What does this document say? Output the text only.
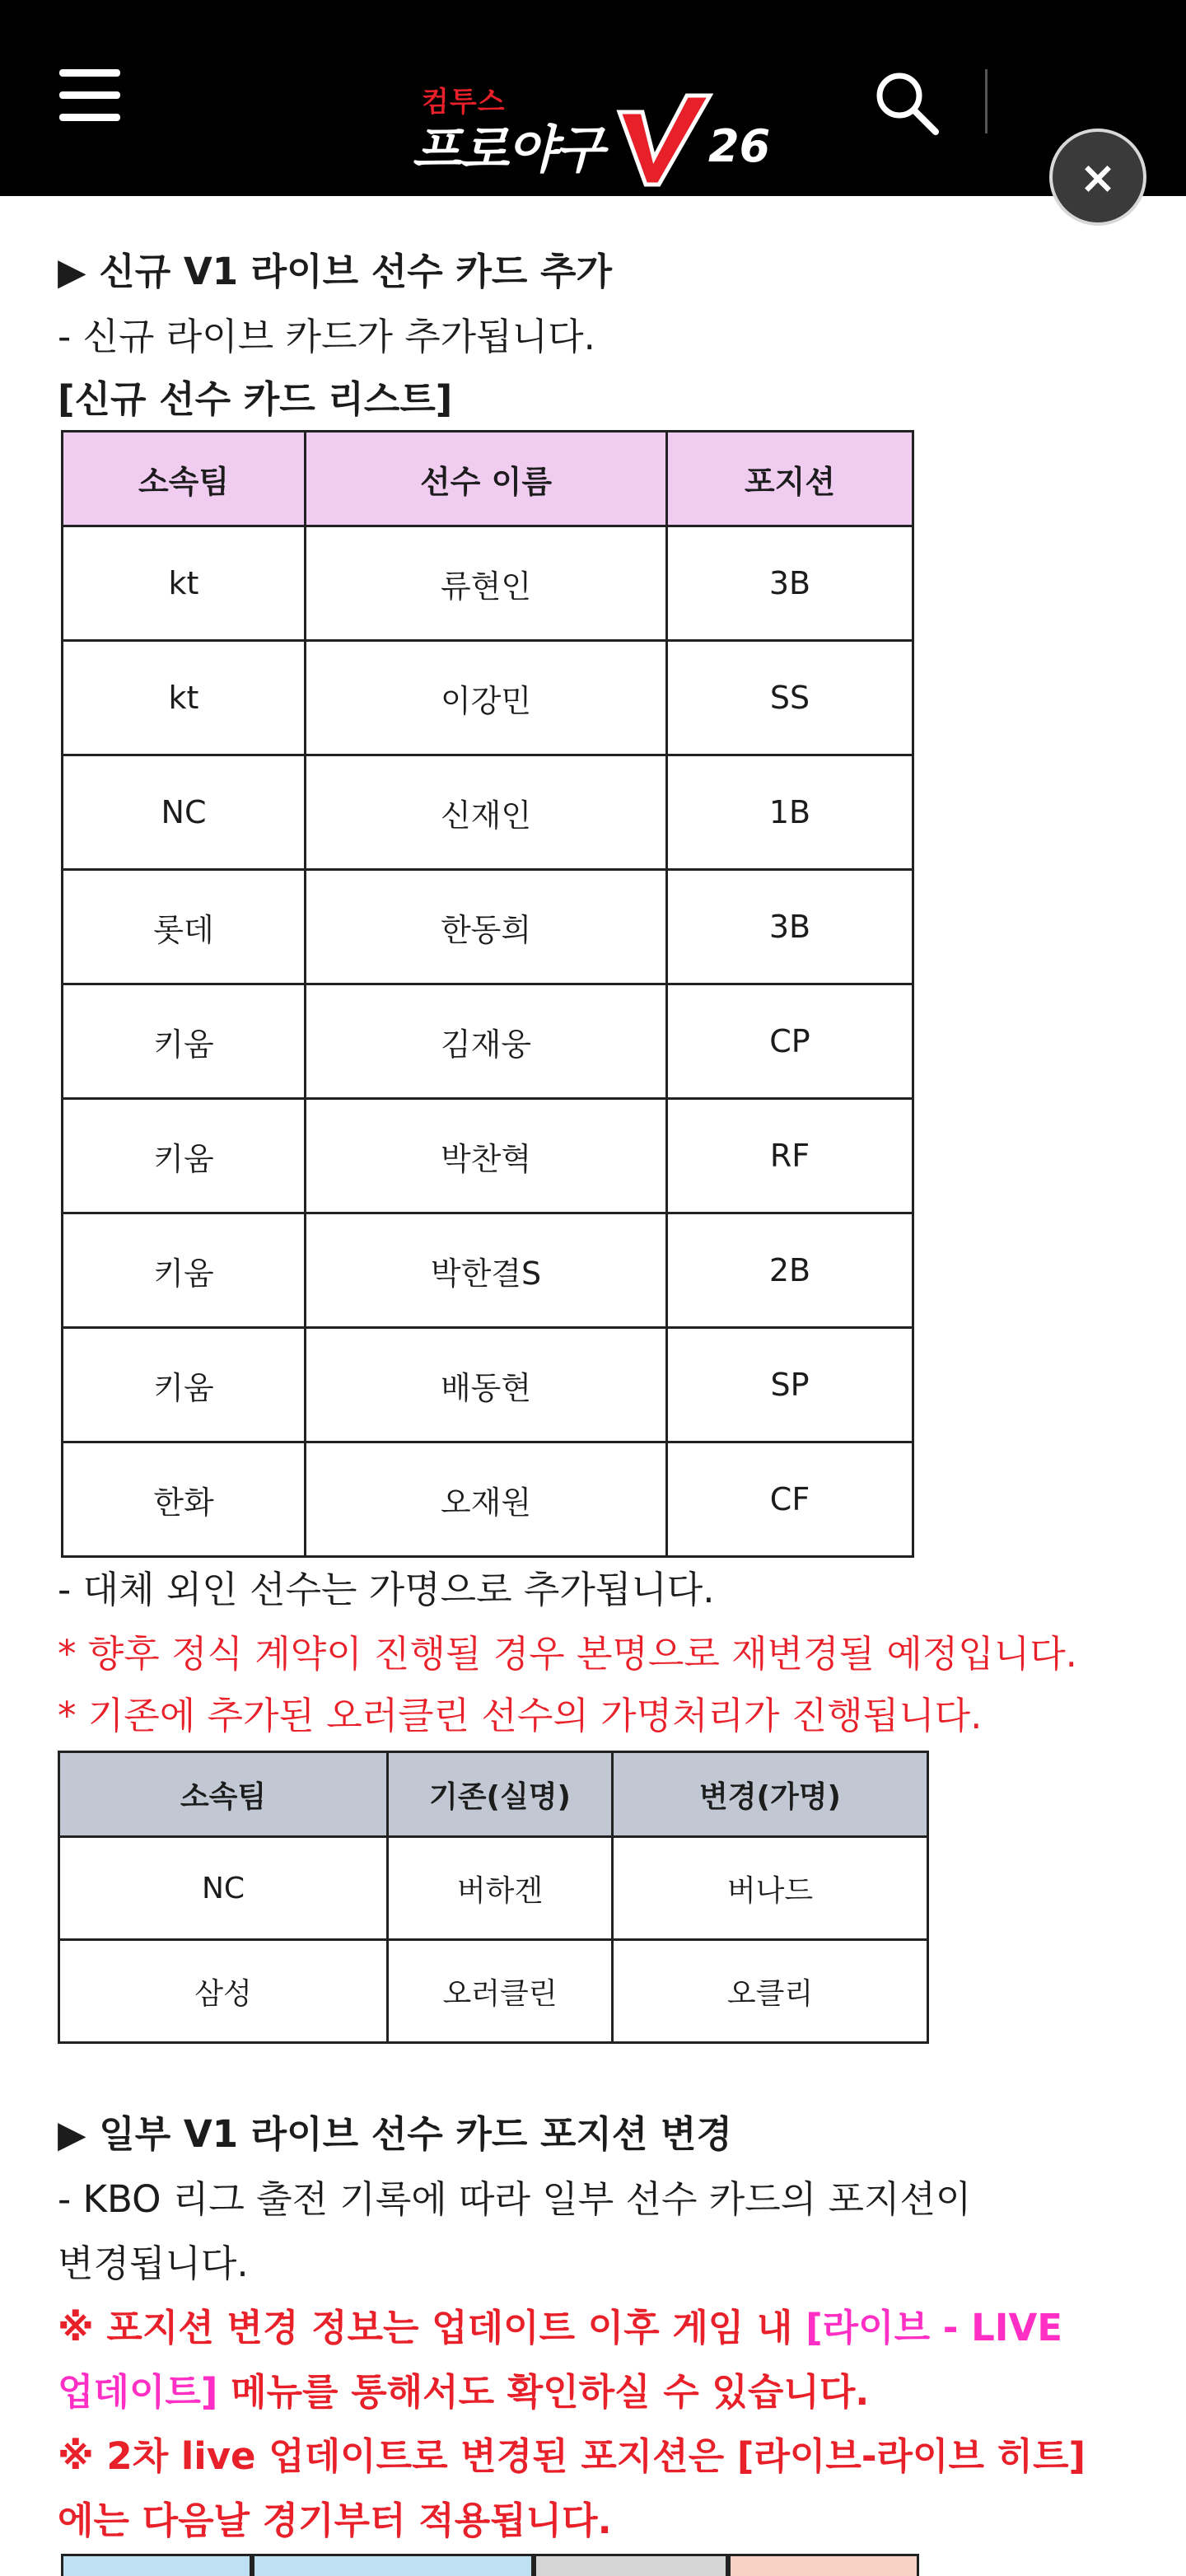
컴투스
프로야구 26
×
▶ 신규 V1 라이브 선수 카드 추가
- 신규 라이브 카드가 추가됩니다.
[신규 선수 카드 리스트]
소속팀	선수 이름	포지션
kt	류현인	3B
kt	이강민	SS
NC	신재인	1B
롯데	한동희	3B
키움	김재웅	CP
키움	박찬혁	RF
키움	박한결S	2B
키움	배동현	SP
한화	오재원	CF
- 대체 외인 선수는 가명으로 추가됩니다.
* 향후 정식 계약이 진행될 경우 본명으로 재변경될 예정입니다.
* 기존에 추가된 오러클린 선수의 가명처리가 진행됩니다.
소속팀	기존(실명)	변경(가명)
NC	버하겐	버나드
삼성	오러클린	오클리
▶ 일부 V1 라이브 선수 카드 포지션 변경
- KBO 리그 출전 기록에 따라 일부 선수 카드의 포지션이
변경됩니다.
※ 포지션 변경 정보는 업데이트 이후 게임 내 [라이브 - LIVE
업데이트] 메뉴를 통해서도 확인하실 수 있습니다.
※ 2차 live 업데이트로 변경된 포지션은 [라이브-라이브 히트]
에는 다음날 경기부터 적용됩니다.
